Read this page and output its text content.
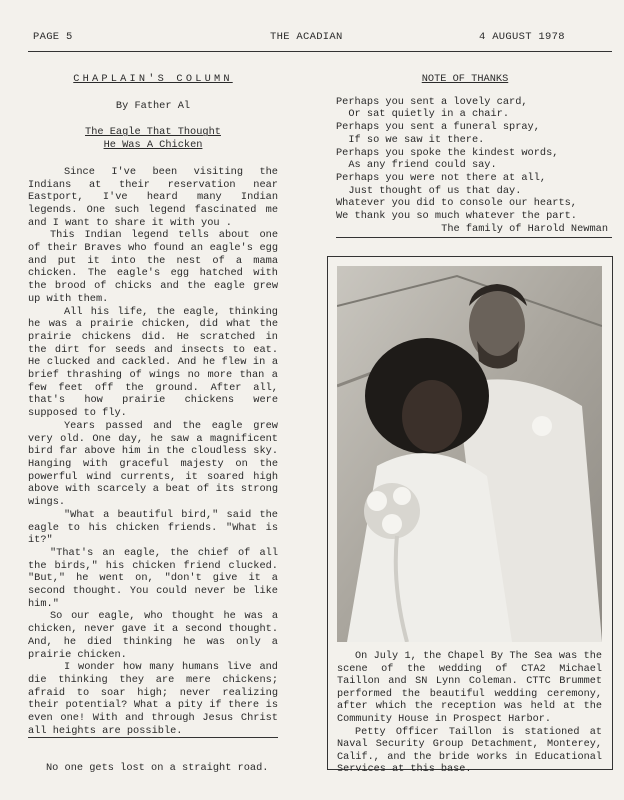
PAGE 5	THE ACADIAN	4 AUGUST 1978
CHAPLAIN'S COLUMN
By Father Al
The Eagle That Thought
He Was A Chicken

Since I've been visiting the Indians at their reservation near Eastport, I've heard many Indian legends. One such legend fascinated me and I want to share it with you .

This Indian legend tells about one of their Braves who found an eagle's egg and put it into the nest of a mama chicken. The eagle's egg hatched with the brood of chicks and the eagle grew up with them.

All his life, the eagle, thinking he was a prairie chicken, did what the prairie chickens did. He scratched in the dirt for seeds and insects to eat. He clucked and cackled. And he flew in a brief thrashing of wings no more than a few feet off the ground. After all, that's how prairie chickens were supposed to fly.

Years passed and the eagle grew very old. One day, he saw a magnificent bird far above him in the cloudless sky. Hanging with graceful majesty on the powerful wind currents, it soared high above with scarcely a beat of its strong wings.

"What a beautiful bird," said the eagle to his chicken friends. "What is it?"

"That's an eagle, the chief of all the birds," his chicken friend clucked. "But," he went on, "don't give it a second thought. You could never be like him."

So our eagle, who thought he was a chicken, never gave it a second thought. And, he died thinking he was only a prairie chicken.

I wonder how many humans live and die thinking they are mere chickens; afraid to soar high; never realizing their potential? What a pity if there is even one! With and through Jesus Christ all heights are possible.

No one gets lost on a straight road.
NOTE OF THANKS
Perhaps you sent a lovely card,
Or sat quietly in a chair.
Perhaps you sent a funeral spray,
If so we saw it there.
Perhaps you spoke the kindest words,
As any friend could say.
Perhaps you were not there at all,
Just thought of us that day.
Whatever you did to console our hearts,
We thank you so much whatever the part.
The family of Harold Newman

On July 1, the Chapel By The Sea was the scene of the wedding of CTA2 Michael Taillon and SN Lynn Coleman. CTTC Brummet performed the beautiful wedding ceremony, after which the reception was held at the Community House in Prospect Harbor.

Petty Officer Taillon is stationed at Naval Security Group Detachment, Monterey, Calif., and the bride works in Educational Services at this base.
